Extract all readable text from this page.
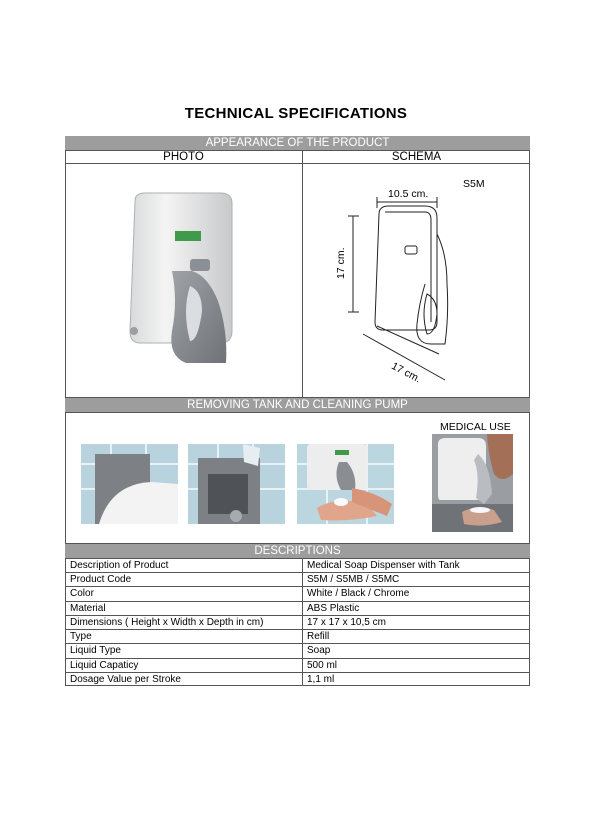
TECHNICAL SPECIFICATIONS
APPEARANCE OF THE PRODUCT
PHOTO	SCHEMA
S5M
10.5 cm.
17 cm.
17 cm.
REMOVING TANK AND CLEANING PUMP
MEDICAL USE
DESCRIPTIONS
Description of Product	Medical Soap Dispenser with Tank
Product Code	S5M / S5MB / S5MC
Color	White / Black / Chrome
Material	ABS Plastic
Dimensions ( Height x Width x Depth in cm)	17 x 17 x 10,5 cm
Type	Refill
Liquid Type	Soap
Liquid Capaticy	500 ml
Dosage Value per Stroke	1,1 ml
